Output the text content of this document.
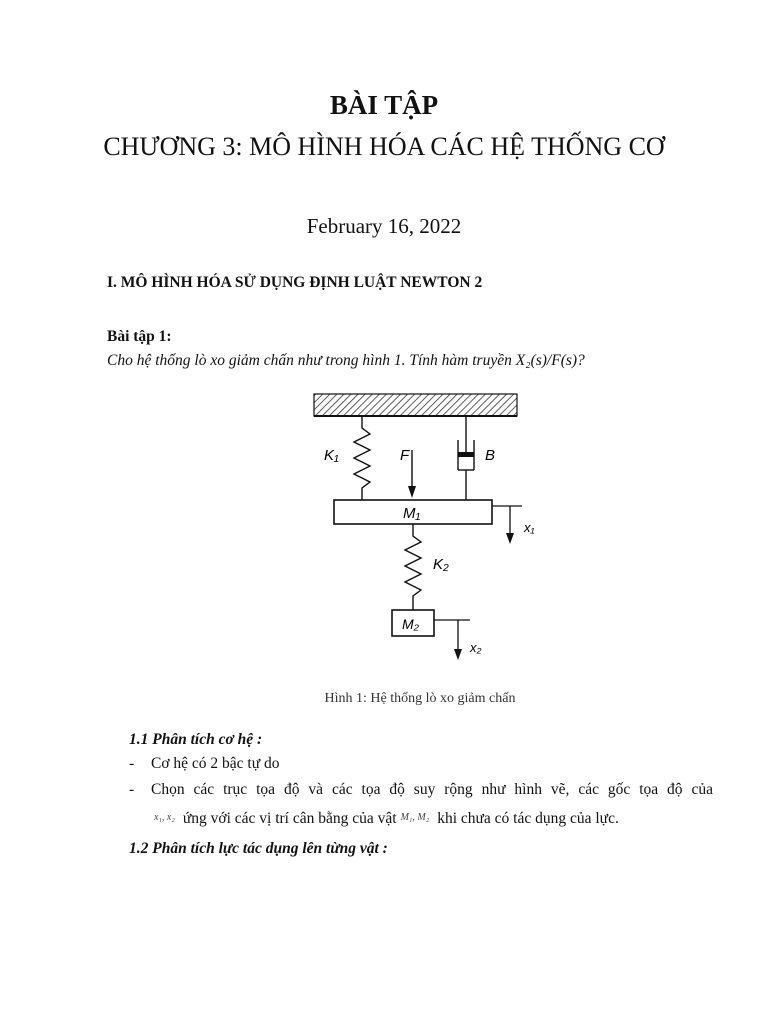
BÀI TẬP
CHƯƠNG 3: MÔ HÌNH HÓA CÁC HỆ THỐNG CƠ
February 16, 2022
I. MÔ HÌNH HÓA SỬ DỤNG ĐỊNH LUẬT NEWTON 2
Bài tập 1:
Cho hệ thống lò xo giảm chấn như trong hình 1. Tính hàm truyền X₂(s)/F(s)?
K₁	F	B
M₁
x₁
K₂
M₂
x₂
Hình 1: Hệ thống lò xo giảm chấn
1.1 Phân tích cơ hệ :
- Cơ hệ có 2 bậc tự do
- Chọn các trục tọa độ và các tọa độ suy rộng như hình vẽ, các gốc tọa độ của
x₁, x₂ ứng với các vị trí cân bằng của vật M₁, M₂ khi chưa có tác dụng của lực.
1.2 Phân tích lực tác dụng lên từng vật :
